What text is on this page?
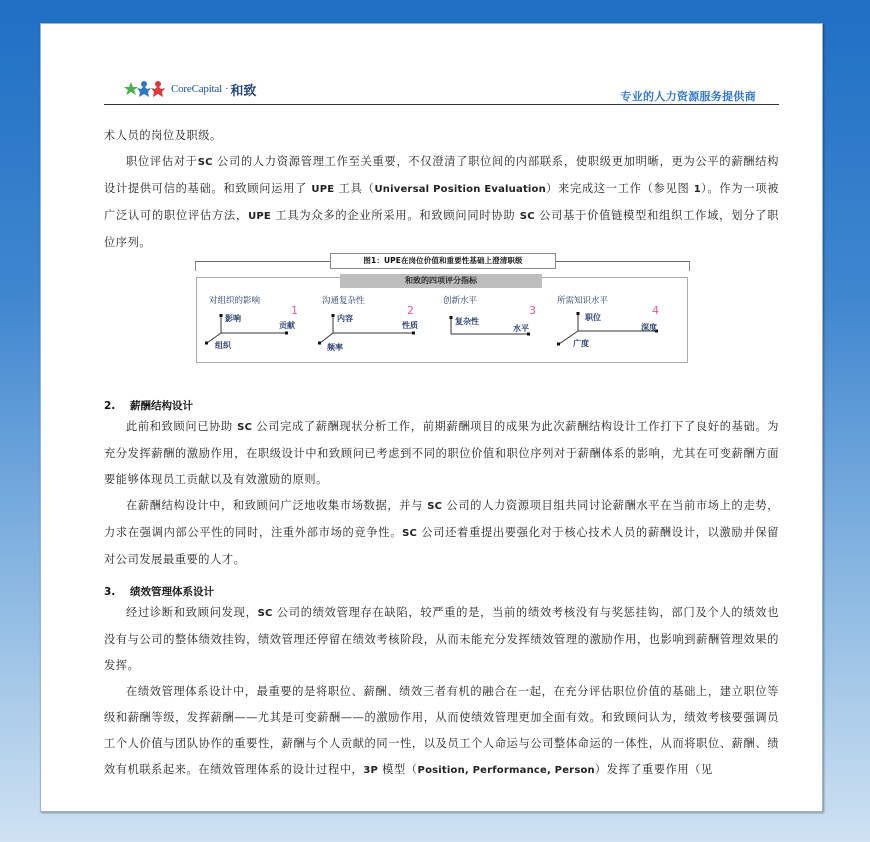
CoreCapital · 和致	专业的人力资源服务提供商

术人员的岗位及职级。

职位评估对于SC 公司的人力资源管理工作至关重要，不仅澄清了职位间的内部联系，使职级更加明晰，更为公平的薪酬结构设计提供可信的基础。和致顾问运用了 UPE 工具（Universal Position Evaluation）来完成这一工作（参见图 1）。作为一项被广泛认可的职位评估方法，UPE 工具为众多的企业所采用。和致顾问同时协助 SC 公司基于价值链模型和组织工作域，划分了职位序列。

图1：UPE在岗位价值和重要性基础上澄清职级
和致的四项评分指标
对组织的影响
1
影响
贡献
组织
沟通复杂性
2
内容
性质
频率
创新水平
3
复杂性
水平
所需知识水平
4
职位
深度
广度
2. 薪酬结构设计

此前和致顾问已协助 SC 公司完成了薪酬现状分析工作，前期薪酬项目的成果为此次薪酬结构设计工作打下了良好的基础。为充分发挥薪酬的激励作用，在职级设计中和致顾问已考虑到不同的职位价值和职位序列对于薪酬体系的影响，尤其在可变薪酬方面要能够体现员工贡献以及有效激励的原则。

在薪酬结构设计中，和致顾问广泛地收集市场数据，并与 SC 公司的人力资源项目组共同讨论薪酬水平在当前市场上的走势，力求在强调内部公平性的同时，注重外部市场的竞争性。SC 公司还着重提出要强化对于核心技术人员的薪酬设计，以激励并保留对公司发展最重要的人才。

3. 绩效管理体系设计

经过诊断和致顾问发现，SC 公司的绩效管理存在缺陷，较严重的是，当前的绩效考核没有与奖惩挂钩，部门及个人的绩效也没有与公司的整体绩效挂钩，绩效管理还停留在绩效考核阶段，从而未能充分发挥绩效管理的激励作用，也影响到薪酬管理效果的发挥。

在绩效管理体系设计中，最重要的是将职位、薪酬、绩效三者有机的融合在一起，在充分评估职位价值的基础上，建立职位等级和薪酬等级，发挥薪酬——尤其是可变薪酬——的激励作用，从而使绩效管理更加全面有效。和致顾问认为，绩效考核要强调员工个人价值与团队协作的重要性，薪酬与个人贡献的同一性，以及员工个人命运与公司整体命运的一体性，从而将职位、薪酬、绩效有机联系起来。在绩效管理体系的设计过程中，3P 模型（Position, Performance, Person）发挥了重要作用（见
